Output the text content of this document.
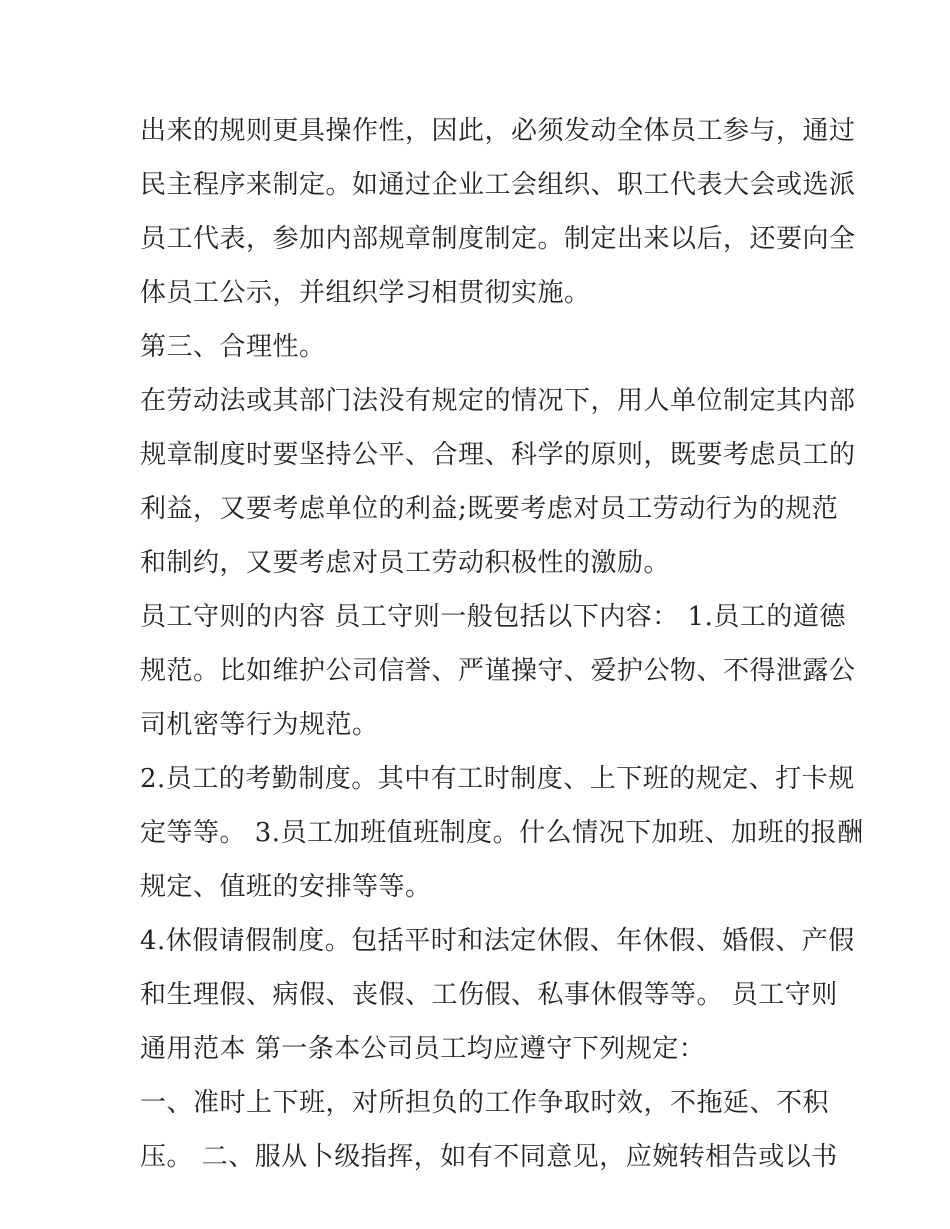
出来的规则更具操作性，因此，必须发动全体员工参与，通过
民主程序来制定。如通过企业工会组织、职工代表大会或选派
员工代表，参加内部规章制度制定。制定出来以后，还要向全
体员工公示，并组织学习相贯彻实施。
第三、合理性。
在劳动法或其部门法没有规定的情况下，用人单位制定其内部
规章制度时要坚持公平、合理、科学的原则，既要考虑员工的
利益，又要考虑单位的利益;既要考虑对员工劳动行为的规范
和制约，又要考虑对员工劳动积极性的激励。
员工守则的内容 员工守则一般包括以下内容： 1.员工的道德
规范。比如维护公司信誉、严谨操守、爱护公物、不得泄露公
司机密等行为规范。
2.员工的考勤制度。其中有工时制度、上下班的规定、打卡规
定等等。 3.员工加班值班制度。什么情况下加班、加班的报酬
规定、值班的安排等等。
4.休假请假制度。包括平时和法定休假、年休假、婚假、产假
和生理假、病假、丧假、工伤假、私事休假等等。 员工守则
通用范本 第一条本公司员工均应遵守下列规定：
一、准时上下班，对所担负的工作争取时效，不拖延、不积
压。 二、服从卜级指挥，如有不同意见，应婉转相告或以书
